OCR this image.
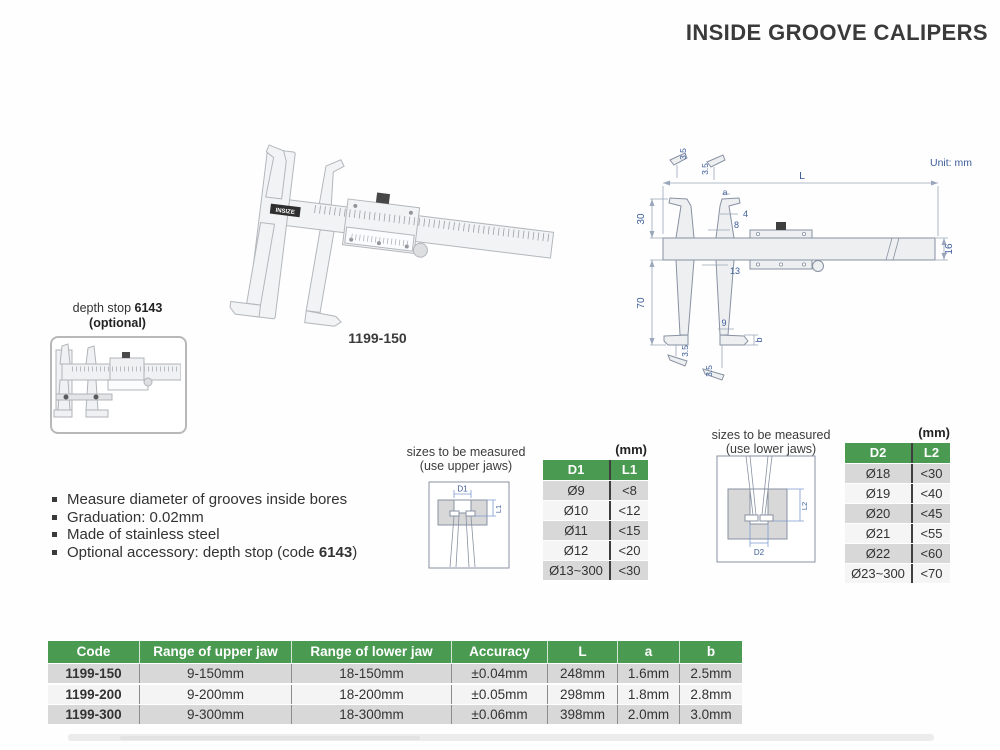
INSIDE GROOVE CALIPERS
INSIZE
1199-150
depth stop 6143
(optional)
Unit: mm
L
30
70
16
a
4
8
13
9
b
3.5
3.5
3.5
3.5
Measure diameter of grooves inside bores
Graduation: 0.02mm
Made of stainless steel
Optional accessory: depth stop (code 6143)
sizes to be measured
(use upper jaws)
D1
L1
(mm)
D1	L1
Ø9	<8
Ø10	<12
Ø11	<15
Ø12	<20
Ø13~300	<30
sizes to be measured
(use lower jaws)
L2
D2
(mm)
D2	L2
Ø18	<30
Ø19	<40
Ø20	<45
Ø21	<55
Ø22	<60
Ø23~300	<70
Code	Range of upper jaw	Range of lower jaw	Accuracy	L	a	b
1199-150	9-150mm	18-150mm	±0.04mm	248mm	1.6mm	2.5mm
1199-200	9-200mm	18-200mm	±0.05mm	298mm	1.8mm	2.8mm
1199-300	9-300mm	18-300mm	±0.06mm	398mm	2.0mm	3.0mm
